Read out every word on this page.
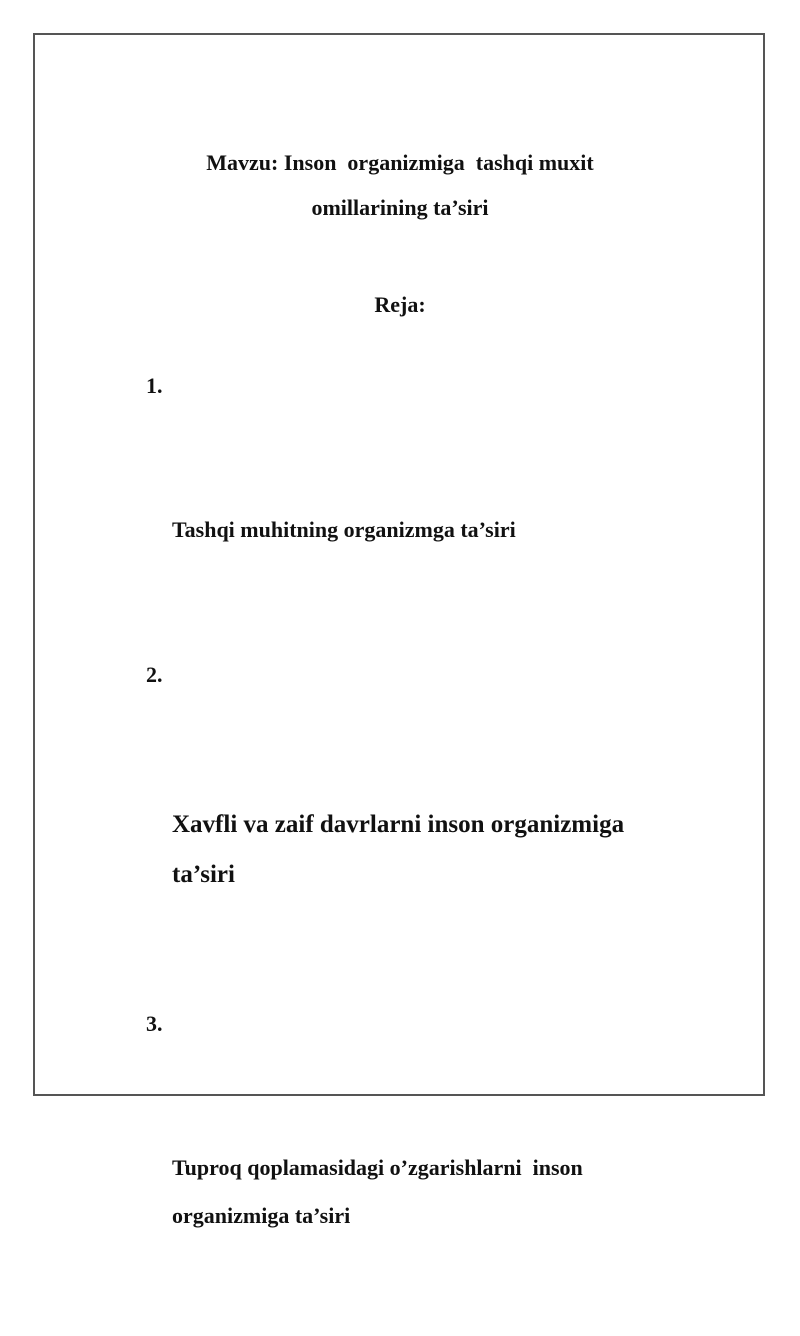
Mavzu: Inson  organizmiga  tashqi muxit
omillarining ta’siri
Reja:

1.

Tashqi muhitning organizmga ta’siri

2.

Xavfli va zaif davrlarni inson organizmiga
ta’siri

3.

Tuproq qoplamasidagi o’zgarishlarni  inson
organizmiga ta’siri
